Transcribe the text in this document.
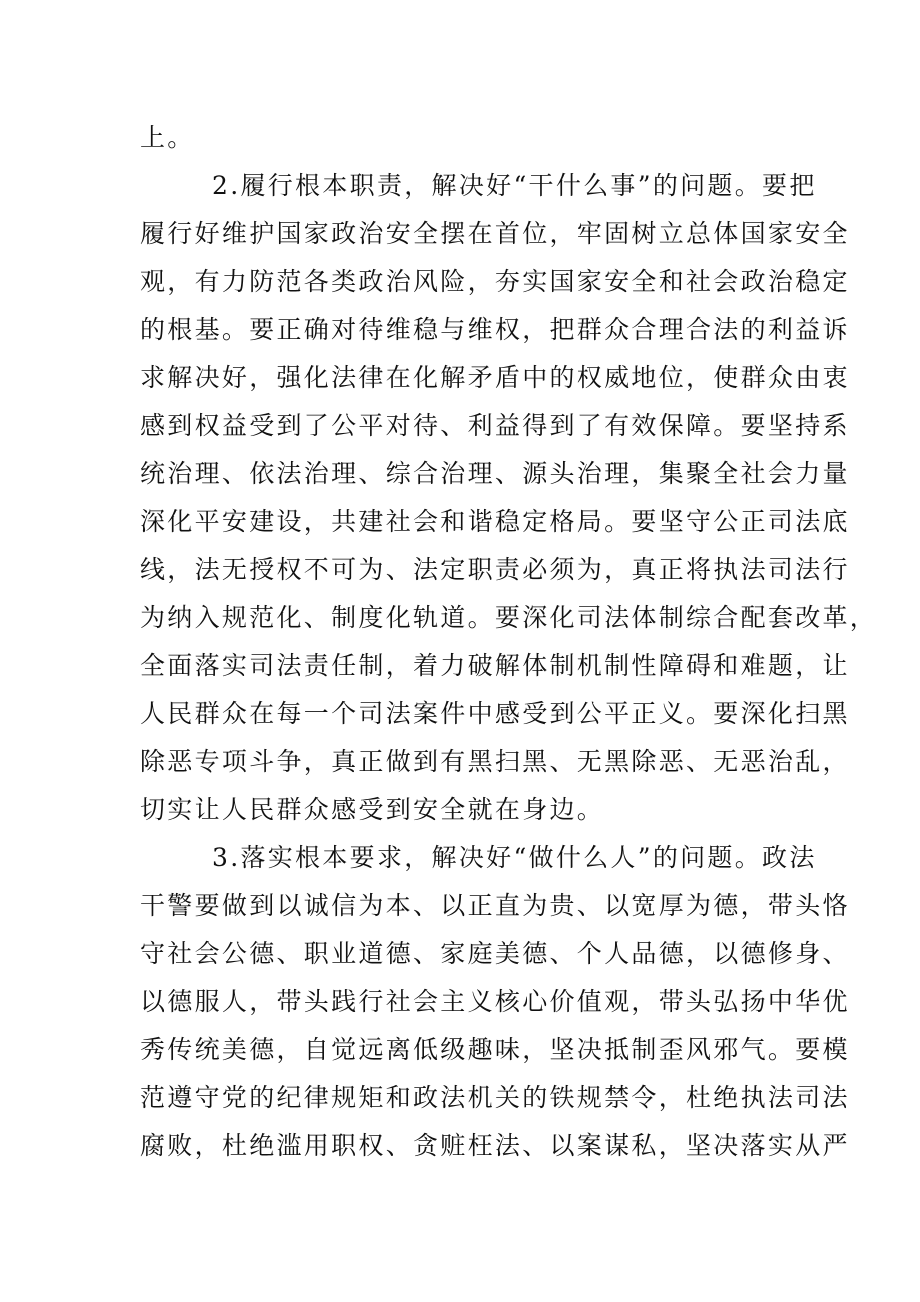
上。

2.履行根本职责，解决好“干什么事”的问题。要把

履行好维护国家政治安全摆在首位，牢固树立总体国家安全

观，有力防范各类政治风险，夯实国家安全和社会政治稳定

的根基。要正确对待维稳与维权，把群众合理合法的利益诉

求解决好，强化法律在化解矛盾中的权威地位，使群众由衷

感到权益受到了公平对待、利益得到了有效保障。要坚持系

统治理、依法治理、综合治理、源头治理，集聚全社会力量

深化平安建设，共建社会和谐稳定格局。要坚守公正司法底

线，法无授权不可为、法定职责必须为，真正将执法司法行

为纳入规范化、制度化轨道。要深化司法体制综合配套改革，

全面落实司法责任制，着力破解体制机制性障碍和难题，让

人民群众在每一个司法案件中感受到公平正义。要深化扫黑

除恶专项斗争，真正做到有黑扫黑、无黑除恶、无恶治乱，

切实让人民群众感受到安全就在身边。

3.落实根本要求，解决好“做什么人”的问题。政法

干警要做到以诚信为本、以正直为贵、以宽厚为德，带头恪

守社会公德、职业道德、家庭美德、个人品德，以德修身、

以德服人，带头践行社会主义核心价值观，带头弘扬中华优

秀传统美德，自觉远离低级趣味，坚决抵制歪风邪气。要模

范遵守党的纪律规矩和政法机关的铁规禁令，杜绝执法司法

腐败，杜绝滥用职权、贪赃枉法、以案谋私，坚决落实从严
